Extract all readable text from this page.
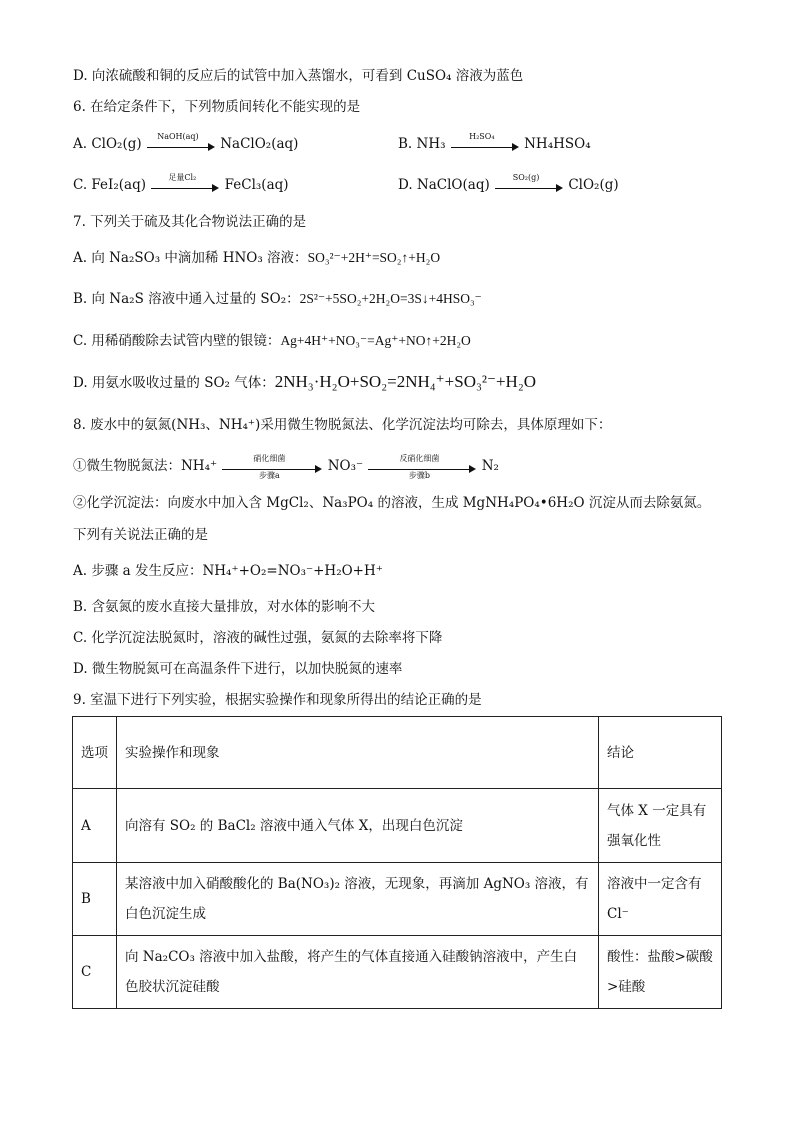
D. 向浓硫酸和铜的反应后的试管中加入蒸馏水，可看到 CuSO₄ 溶液为蓝色
6. 在给定条件下，下列物质间转化不能实现的是
A. ClO₂(g)	NaOH(aq)	NaClO₂(aq)	B. NH₃	H₂SO₄	NH₄HSO₄
C. FeI₂(aq)	足量Cl₂	FeCl₃(aq)	D. NaClO(aq)	SO₂(g)	ClO₂(g)
7. 下列关于硫及其化合物说法正确的是
A. 向 Na₂SO₃ 中滴加稀 HNO₃ 溶液：SO₃²⁻+2H⁺=SO₂↑+H₂O
B. 向 Na₂S 溶液中通入过量的 SO₂：2S²⁻+5SO₂+2H₂O=3S↓+4HSO₃⁻
C. 用稀硝酸除去试管内壁的银镜：Ag+4H⁺+NO₃⁻=Ag⁺+NO↑+2H₂O
D. 用氨水吸收过量的 SO₂ 气体：2NH₃·H₂O+SO₂=2NH₄⁺+SO₃²⁻+H₂O
8. 废水中的氨氮(NH₃、NH₄⁺)采用微生物脱氮法、化学沉淀法均可除去，具体原理如下：
①微生物脱氮法：NH₄⁺	硝化细菌
步骤a
NO₃⁻	反硝化细菌
步骤b
N₂
②化学沉淀法：向废水中加入含 MgCl₂、Na₃PO₄ 的溶液，生成 MgNH₄PO₄•6H₂O 沉淀从而去除氨氮。
下列有关说法正确的是
A. 步骤 a 发生反应：NH₄⁺+O₂=NO₃⁻+H₂O+H⁺
B. 含氨氮的废水直接大量排放，对水体的影响不大
C. 化学沉淀法脱氮时，溶液的碱性过强，氨氮的去除率将下降
D. 微生物脱氮可在高温条件下进行，以加快脱氮的速率
9. 室温下进行下列实验，根据实验操作和现象所得出的结论正确的是
选项	实验操作和现象	结论
A	向溶有 SO₂ 的 BaCl₂ 溶液中通入气体 X，出现白色沉淀	气体 X 一定具有强氧化性
B	某溶液中加入硝酸酸化的 Ba(NO₃)₂ 溶液，无现象，再滴加 AgNO₃ 溶液，有白色沉淀生成	溶液中一定含有 Cl⁻
C	向 Na₂CO₃ 溶液中加入盐酸，将产生的气体直接通入硅酸钠溶液中，产生白色胶状沉淀硅酸	酸性：盐酸>碳酸>硅酸
